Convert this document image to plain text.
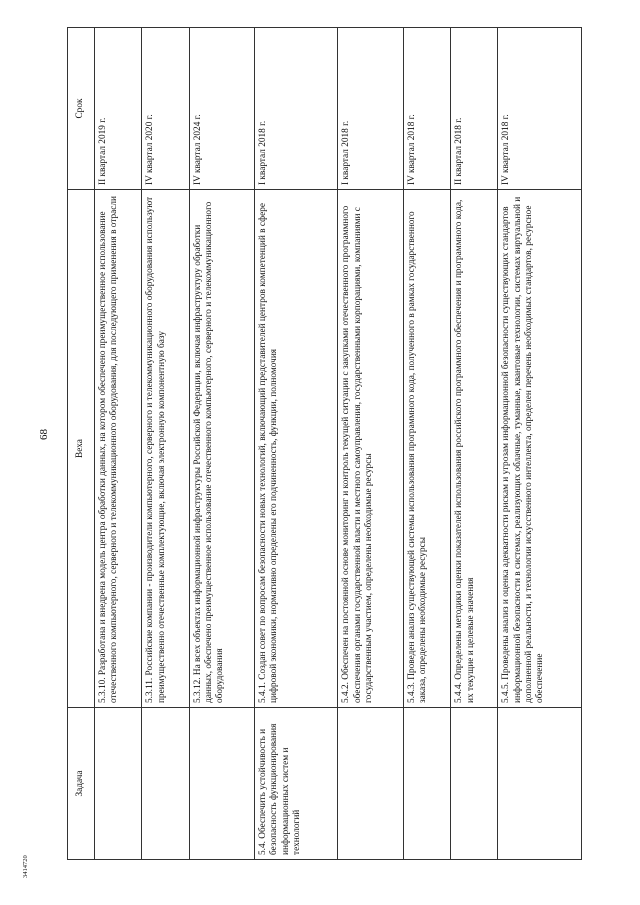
68
3414720
Задача	Веха	Срок
	5.3.10. Разработана и внедрена модель центра обработки данных, на котором обеспечено преимущественное использование отечественного компьютерного, серверного и телекоммуникационного оборудования, для последующего применения в отрасли	II квартал 2019 г.
	5.3.11. Российские компании - производители компьютерного, серверного и телекоммуникационного оборудования используют преимущественно отечественные комплектующие, включая электронную компонентную базу	IV квартал 2020 г.
	5.3.12. На всех объектах информационной инфраструктуры Российской Федерации, включая инфраструктуру обработки данных, обеспечено преимущественное использование отечественного компьютерного, серверного и телекоммуникационного оборудования	IV квартал 2024 г.
5.4. Обеспечить устойчивость и безопасность функционирования информационных систем и технологий	5.4.1. Создан совет по вопросам безопасности новых технологий, включающий представителей центров компетенций в сфере цифровой экономики, нормативно определены его подчиненность, функции, полномочия	I квартал 2018 г.
	5.4.2. Обеспечен на постоянной основе мониторинг и контроль текущей ситуации с закупками отечественного программного обеспечения органами государственной власти и местного самоуправления, государственными корпорациями, компаниями с государственным участием, определены необходимые ресурсы	I квартал 2018 г.
	5.4.3. Проведен анализ существующей системы использования программного кода, полученного в рамках государственного заказа, определены необходимые ресурсы	IV квартал 2018 г.
	5.4.4. Определены методики оценки показателей использования российского программного обеспечения и программного кода, их текущие и целевые значения	II квартал 2018 г.
	5.4.5. Проведены анализ и оценка адекватности рискам и угрозам информационной безопасности существующих стандартов информационной безопасности в системах, реализующих облачные, туманные, квантовые технологии, системах виртуальной и дополненной реальности, и технологии искусственного интеллекта, определен перечень необходимых стандартов, ресурсное обеспечение	IV квартал 2018 г.
